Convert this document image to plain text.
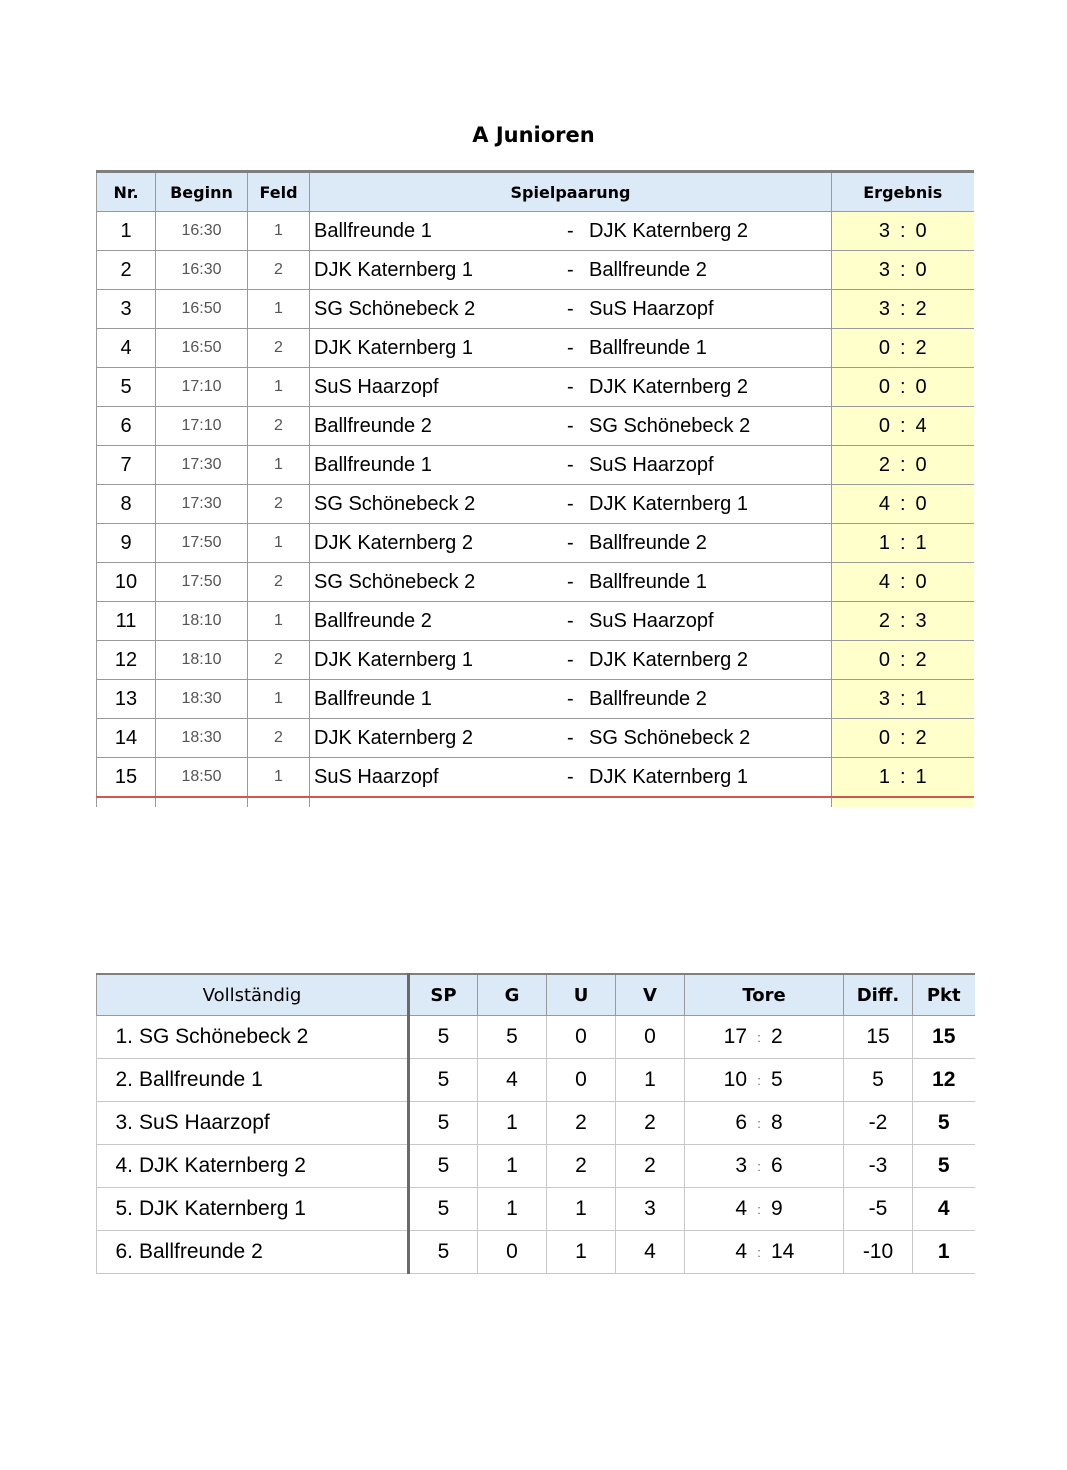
A Junioren
Nr.	Beginn	Feld	Spielpaarung	Ergebnis
1	16:30	1	Ballfreunde 1 - DJK Katernberg 2	3 : 0

2	16:30	2	DJK Katernberg 1 - Ballfreunde 2	3 : 0

3	16:50	1	SG Schönebeck 2 - SuS Haarzopf	3 : 2

4	16:50	2	DJK Katernberg 1 - Ballfreunde 1	0 : 2

5	17:10	1	SuS Haarzopf - DJK Katernberg 2	0 : 0

6	17:10	2	Ballfreunde 2 - SG Schönebeck 2	0 : 4

7	17:30	1	Ballfreunde 1 - SuS Haarzopf	2 : 0

8	17:30	2	SG Schönebeck 2 - DJK Katernberg 1	4 : 0

9	17:50	1	DJK Katernberg 2 - Ballfreunde 2	1 : 1

10	17:50	2	SG Schönebeck 2 - Ballfreunde 1	4 : 0

11	18:10	1	Ballfreunde 2 - SuS Haarzopf	2 : 3

12	18:10	2	DJK Katernberg 1 - DJK Katernberg 2	0 : 2

13	18:30	1	Ballfreunde 1 - Ballfreunde 2	3 : 1

14	18:30	2	DJK Katernberg 2 - SG Schönebeck 2	0 : 2

15	18:50	1	SuS Haarzopf - DJK Katernberg 1	1 : 1

Vollständig	SP	G	U	V	Tore	Diff.	Pkt
1. SG Schönebeck 2	5	5	0	0	17 : 2	15	15
2. Ballfreunde 1	5	4	0	1	10 : 5	5	12
3. SuS Haarzopf	5	1	2	2	6 : 8	-2	5
4. DJK Katernberg 2	5	1	2	2	3 : 6	-3	5
5. DJK Katernberg 1	5	1	1	3	4 : 9	-5	4
6. Ballfreunde 2	5	0	1	4	4 : 14	-10	1
